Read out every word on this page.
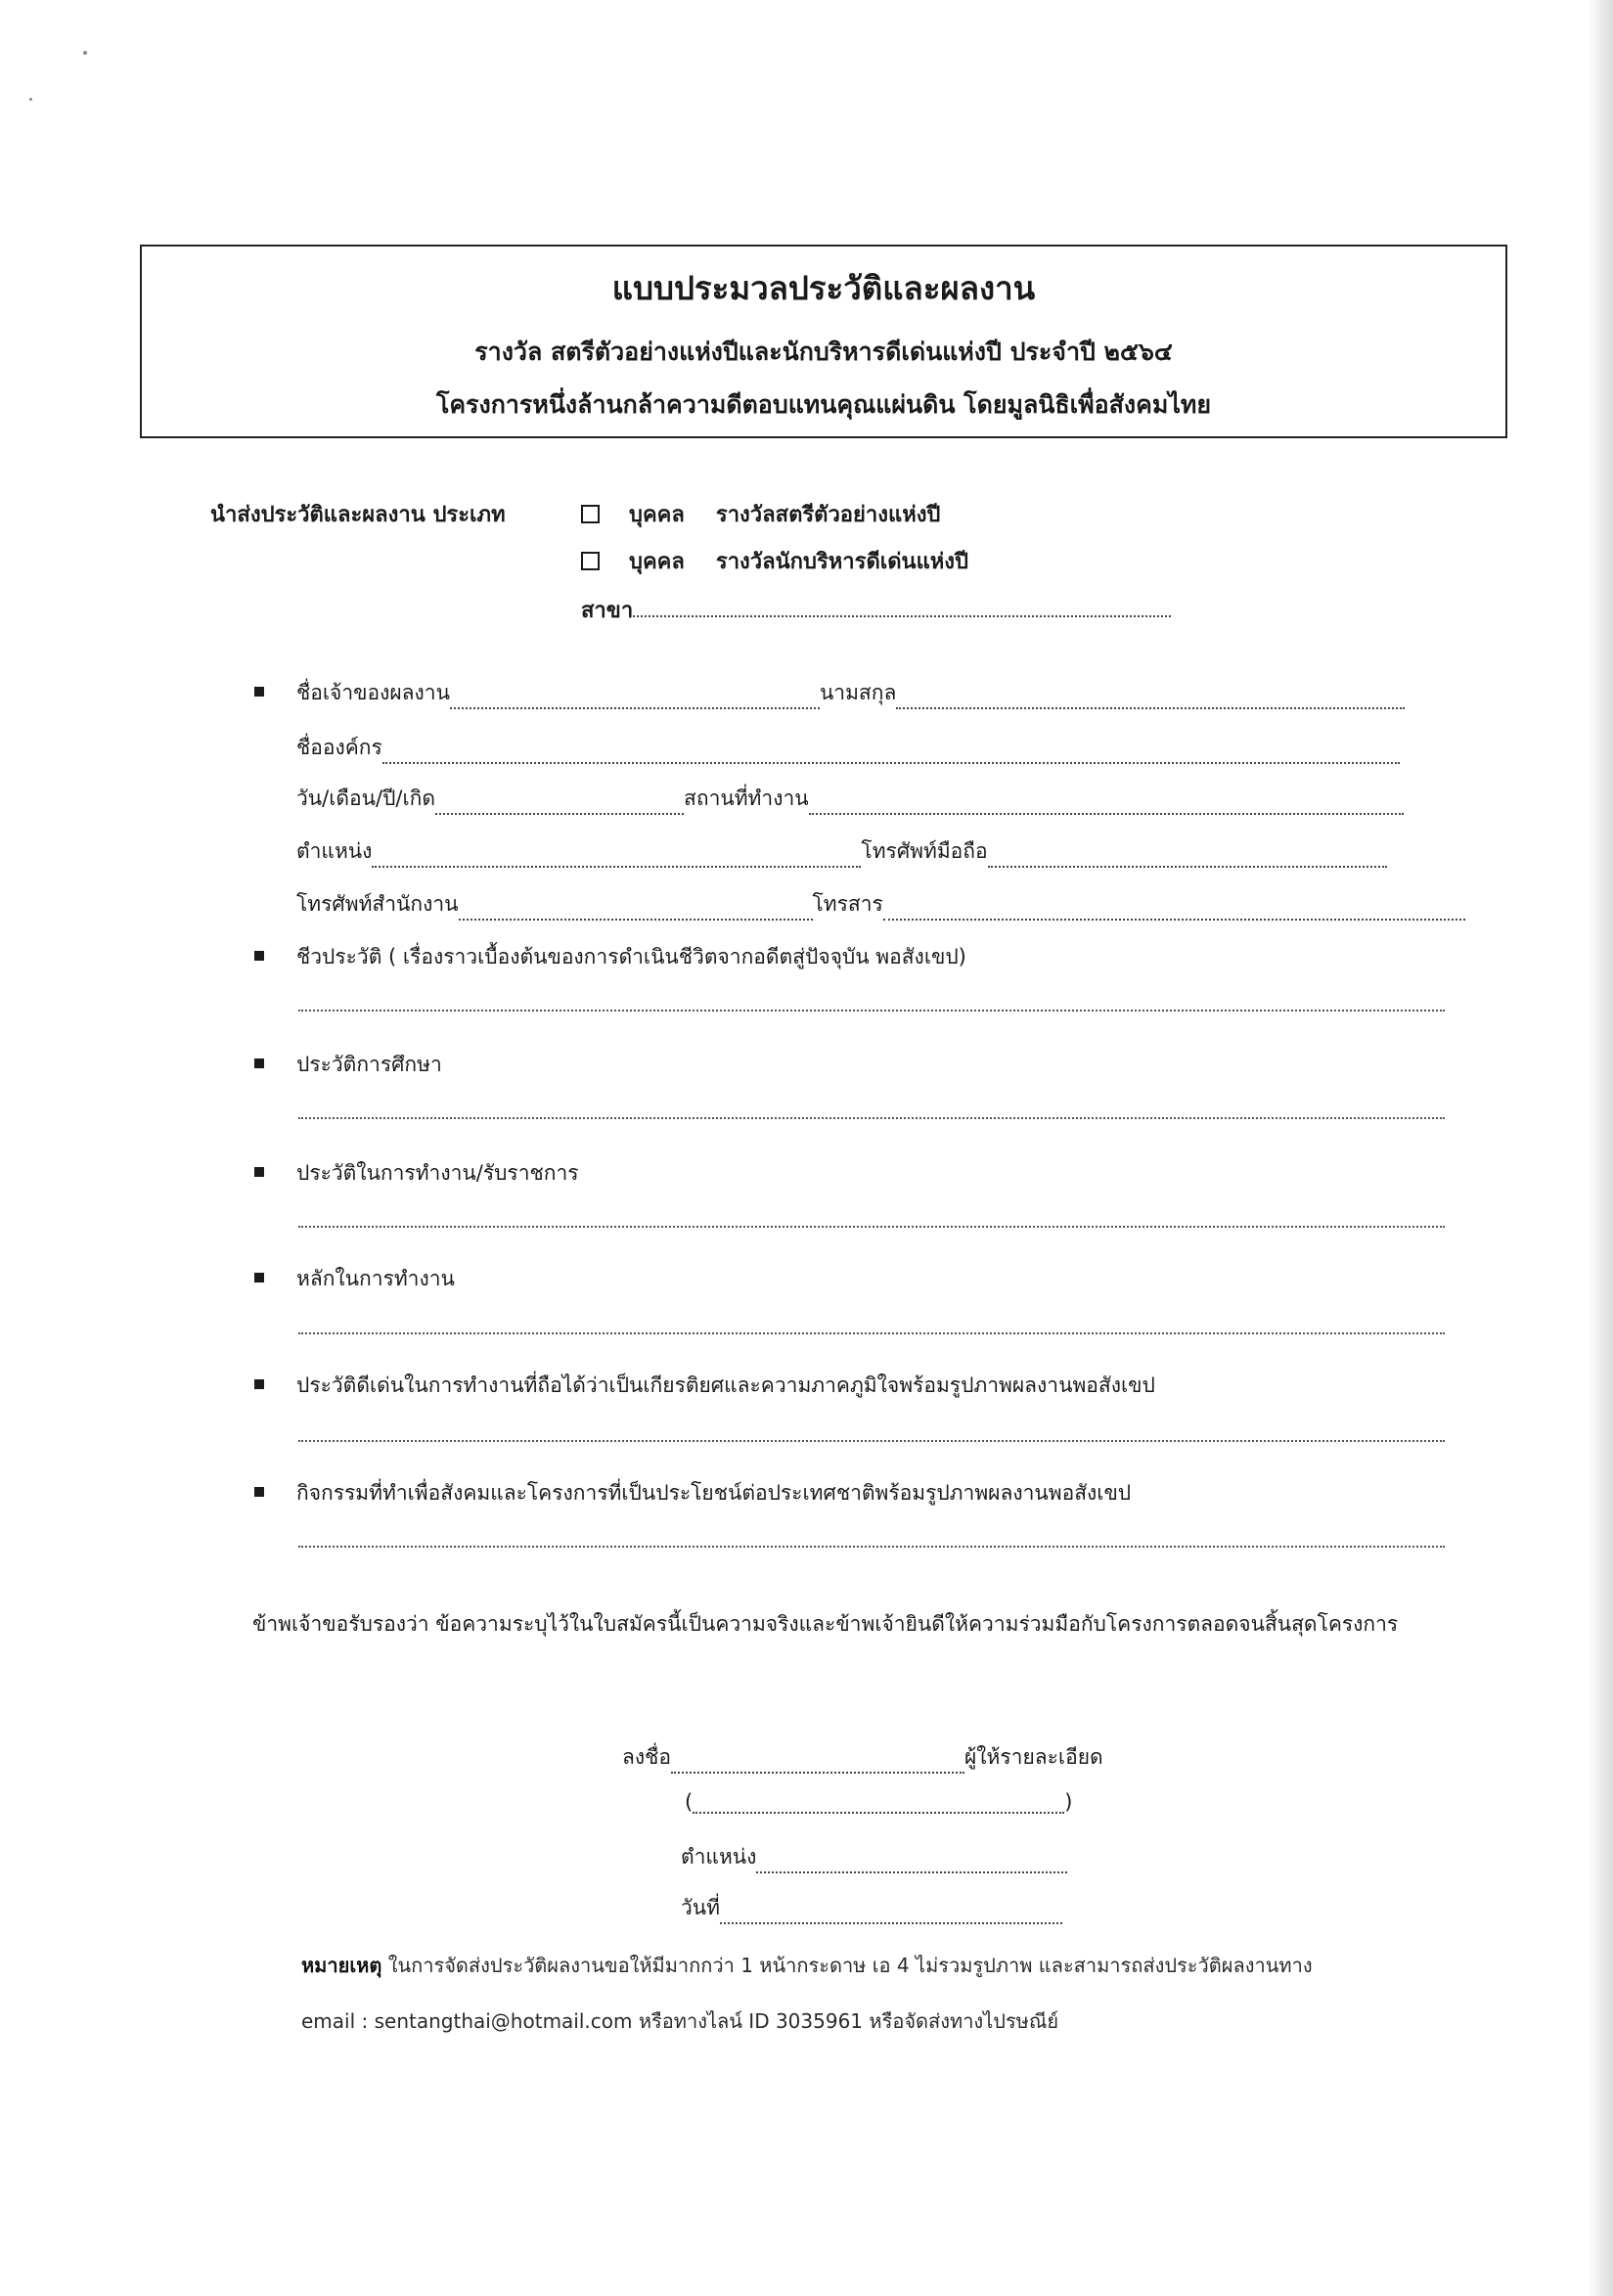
แบบประมวลประวัติและผลงาน
รางวัล สตรีตัวอย่างแห่งปีและนักบริหารดีเด่นแห่งปี ประจำปี ๒๕๖๔
โครงการหนึ่งล้านกล้าความดีตอบแทนคุณแผ่นดิน โดยมูลนิธิเพื่อสังคมไทย
นำส่งประวัติและผลงาน ประเภท	บุคคล รางวัลสตรีตัวอย่างแห่งปี
บุคคล รางวัลนักบริหารดีเด่นแห่งปี
สาขา
ชื่อเจ้าของผลงาน	นามสกุล
ชื่อองค์กร
วัน/เดือน/ปี/เกิด	สถานที่ทำงาน
ตำแหน่ง	โทรศัพท์มือถือ
โทรศัพท์สำนักงาน	โทรสาร
ชีวประวัติ ( เรื่องราวเบื้องต้นของการดำเนินชีวิตจากอดีตสู่ปัจจุบัน พอสังเขป)
ประวัติการศึกษา
ประวัติในการทำงาน/รับราชการ
หลักในการทำงาน
ประวัติดีเด่นในการทำงานที่ถือได้ว่าเป็นเกียรติยศและความภาคภูมิใจพร้อมรูปภาพผลงานพอสังเขป
กิจกรรมที่ทำเพื่อสังคมและโครงการที่เป็นประโยชน์ต่อประเทศชาติพร้อมรูปภาพผลงานพอสังเขป
ข้าพเจ้าขอรับรองว่า ข้อความระบุไว้ในใบสมัครนี้เป็นความจริงและข้าพเจ้ายินดีให้ความร่วมมือกับโครงการตลอดจนสิ้นสุดโครงการ
ลงชื่อ	ผู้ให้รายละเอียด
(	)
ตำแหน่ง
วันที่
หมายเหตุ ในการจัดส่งประวัติผลงานขอให้มีมากกว่า 1 หน้ากระดาษ เอ 4 ไม่รวมรูปภาพ และสามารถส่งประวัติผลงานทาง
email : sentangthai@hotmail.com หรือทางไลน์ ID 3035961 หรือจัดส่งทางไปรษณีย์
